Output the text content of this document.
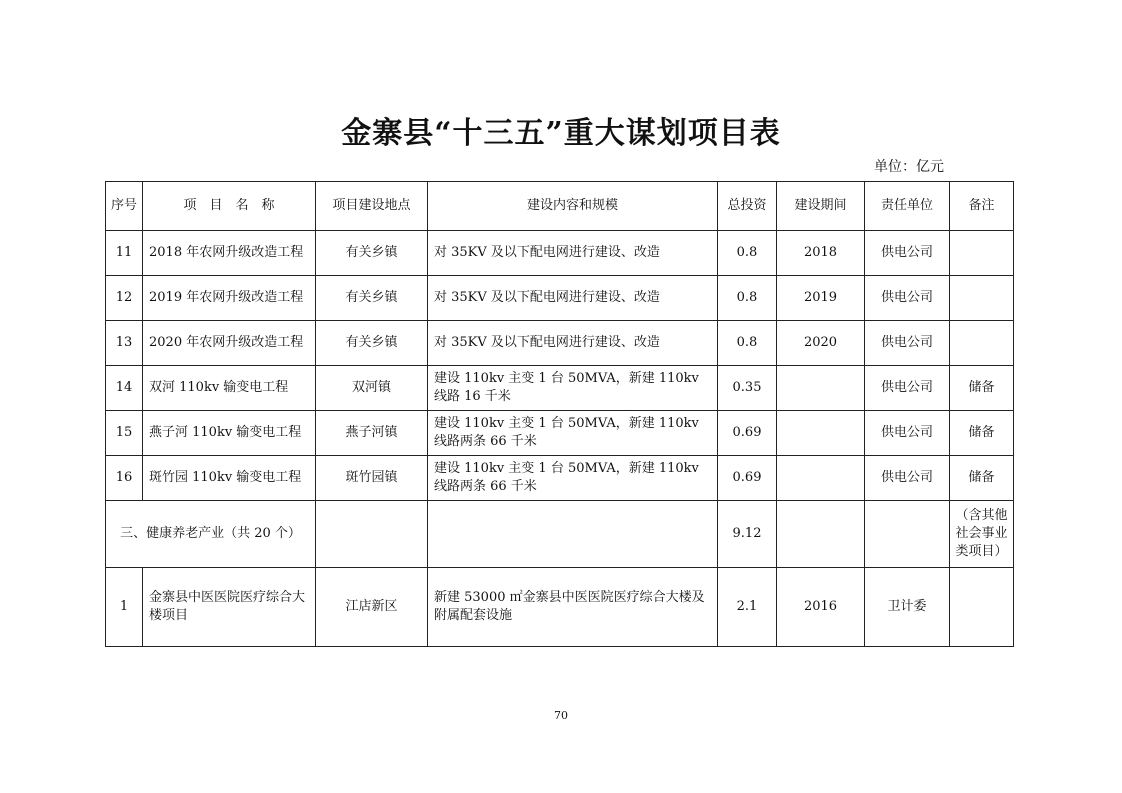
金寨县“十三五”重大谋划项目表
单位：亿元
序号	项　目　名　称	项目建设地点	建设内容和规模	总投资	建设期间	责任单位	备注
11	2018 年农网升级改造工程	有关乡镇	对 35KV 及以下配电网进行建设、改造	0.8	2018	供电公司	
12	2019 年农网升级改造工程	有关乡镇	对 35KV 及以下配电网进行建设、改造	0.8	2019	供电公司	
13	2020 年农网升级改造工程	有关乡镇	对 35KV 及以下配电网进行建设、改造	0.8	2020	供电公司	
14	双河 110kv 输变电工程	双河镇	建设 110kv 主变 1 台 50MVA，新建 110kv 线路 16 千米	0.35		供电公司	储备
15	燕子河 110kv 输变电工程	燕子河镇	建设 110kv 主变 1 台 50MVA，新建 110kv 线路两条 66 千米	0.69		供电公司	储备
16	斑竹园 110kv 输变电工程	斑竹园镇	建设 110kv 主变 1 台 50MVA，新建 110kv 线路两条 66 千米	0.69		供电公司	储备
三、健康养老产业（共 20 个）				9.12			（含其他社会事业类项目）
1	金寨县中医医院医疗综合大楼项目	江店新区	新建 53000 ㎡金寨县中医医院医疗综合大楼及附属配套设施	2.1	2016	卫计委	
70
